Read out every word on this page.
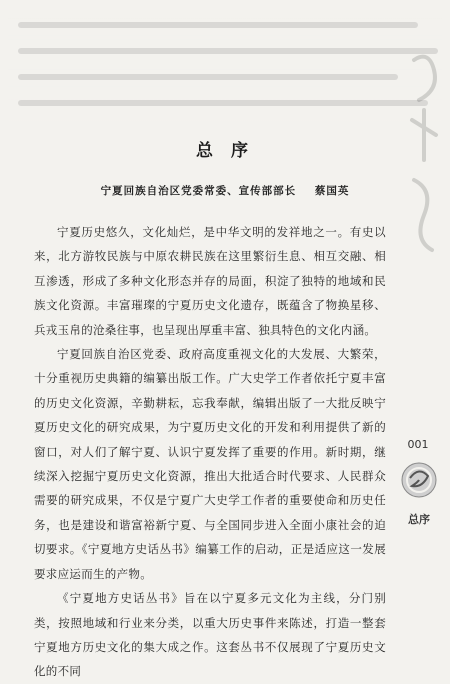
总 序
宁夏回族自治区党委常委、宣传部部长 蔡国英

宁夏历史悠久，文化灿烂，是中华文明的发祥地之一。有史以来，北方游牧民族与中原农耕民族在这里繁衍生息、相互交融、相互渗透，形成了多种文化形态并存的局面，积淀了独特的地域和民族文化资源。丰富璀璨的宁夏历史文化遗存，既蕴含了物换星移、兵戎玉帛的沧桑往事，也呈现出厚重丰富、独具特色的文化内涵。

宁夏回族自治区党委、政府高度重视文化的大发展、大繁荣，十分重视历史典籍的编纂出版工作。广大史学工作者依托宁夏丰富的历史文化资源，辛勤耕耘，忘我奉献，编辑出版了一大批反映宁夏历史文化的研究成果，为宁夏历史文化的开发和利用提供了新的窗口，对人们了解宁夏、认识宁夏发挥了重要的作用。新时期，继续深入挖掘宁夏历史文化资源，推出大批适合时代要求、人民群众需要的研究成果，不仅是宁夏广大史学工作者的重要使命和历史任务，也是建设和谐富裕新宁夏、与全国同步进入全面小康社会的迫切要求。《宁夏地方史话丛书》编纂工作的启动，正是适应这一发展要求应运而生的产物。

《宁夏地方史话丛书》旨在以宁夏多元文化为主线，分门别类，按照地域和行业来分类，以重大历史事件来陈述，打造一整套宁夏地方历史文化的集大成之作。这套丛书不仅展现了宁夏历史文化的不同

001
总序
